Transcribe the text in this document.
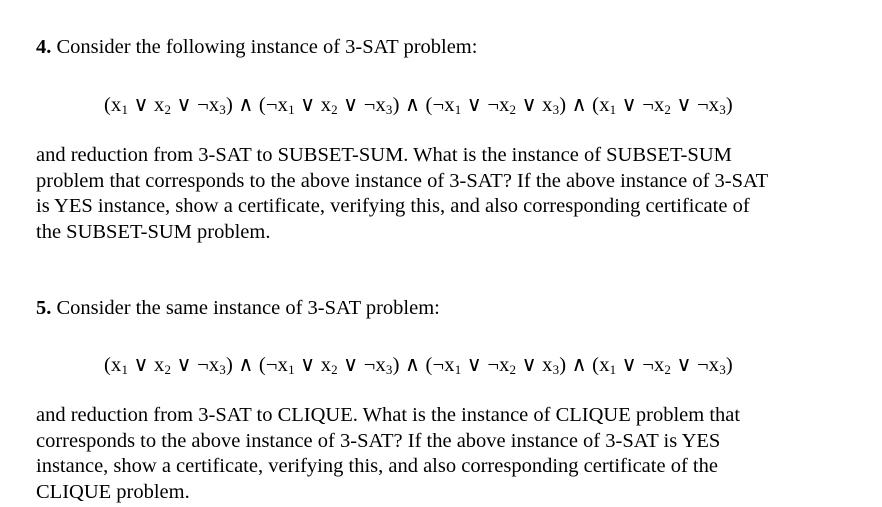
4. Consider the following instance of 3-SAT problem:
($x_1$ ∨ $x_2$ ∨ $\neg x_3$) ∧ ($\neg x_1$ ∨ $x_2$ ∨ $\neg x_3$) ∧ ($\neg x_1$ ∨ $\neg x_2$ ∨ $x_3$) ∧ ($x_1$ ∨ $\neg x_2$ ∨ $\neg x_3$)
and reduction from 3-SAT to SUBSET-SUM. What is the instance of SUBSET-SUM
problem that corresponds to the above instance of 3-SAT? If the above instance of 3-SAT
is YES instance, show a certificate, verifying this, and also corresponding certificate of
the SUBSET-SUM problem.
5. Consider the same instance of 3-SAT problem:
($x_1$ ∨ $x_2$ ∨ $\neg x_3$) ∧ ($\neg x_1$ ∨ $x_2$ ∨ $\neg x_3$) ∧ ($\neg x_1$ ∨ $\neg x_2$ ∨ $x_3$) ∧ ($x_1$ ∨ $\neg x_2$ ∨ $\neg x_3$)
and reduction from 3-SAT to CLIQUE. What is the instance of CLIQUE problem that
corresponds to the above instance of 3-SAT? If the above instance of 3-SAT is YES
instance, show a certificate, verifying this, and also corresponding certificate of the
CLIQUE problem.
